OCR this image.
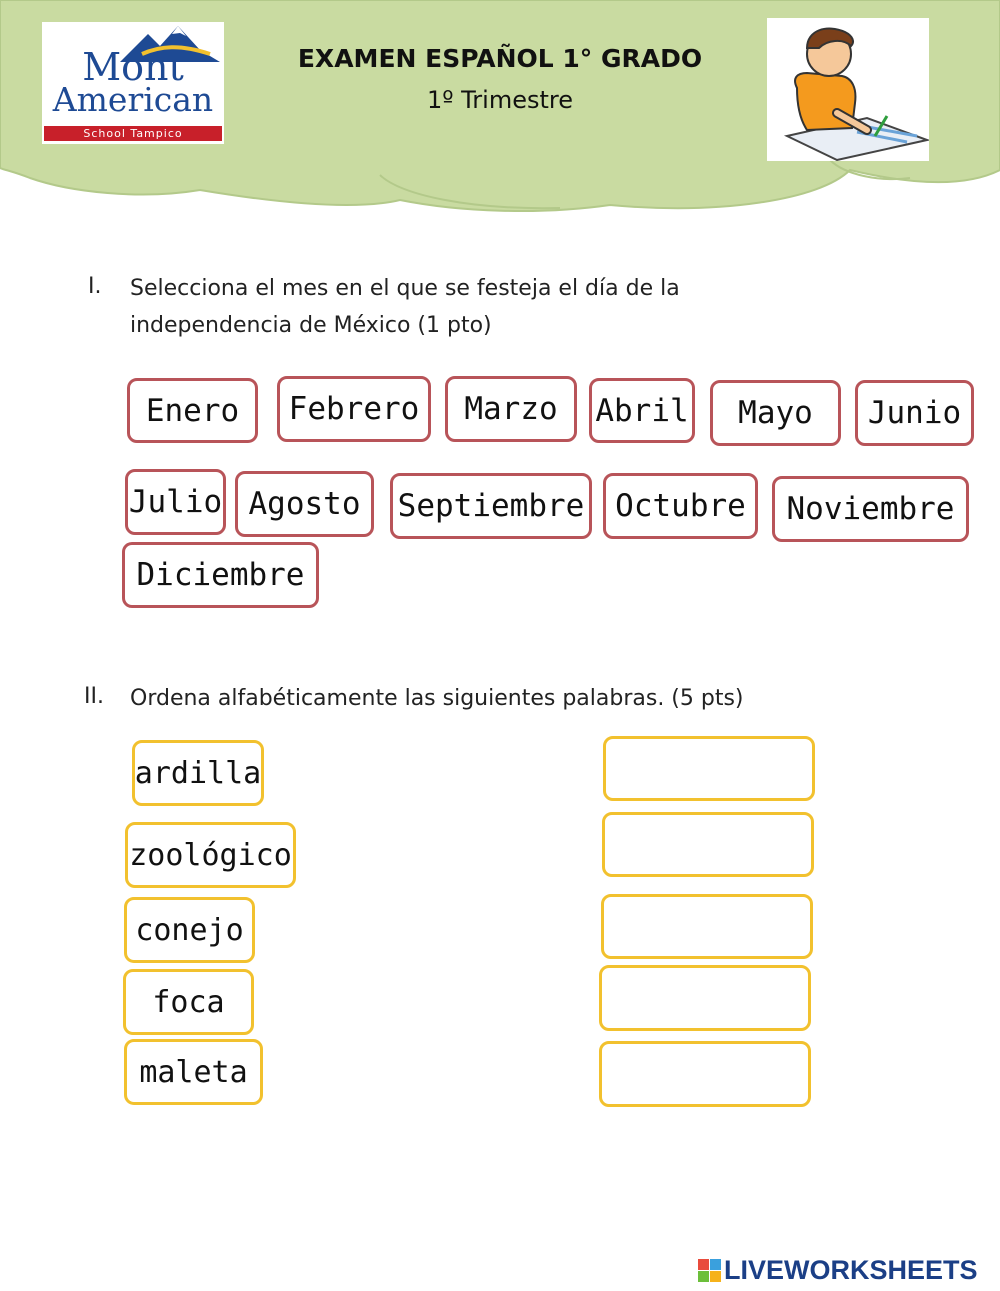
Mont
American
School Tampico
EXAMEN ESPAÑOL 1° GRADO
1º Trimestre
I. Selecciona el mes en el que se festeja el día de la
independencia de México (1 pto)
Enero	Febrero	Marzo	Abril	Mayo	Junio
Julio Agosto	Septiembre Octubre	Noviembre
Diciembre
II. Ordena alfabéticamente las siguientes palabras. (5 pts)
ardilla
zoológico
conejo
foca
maleta
LIVEWORKSHEETS
